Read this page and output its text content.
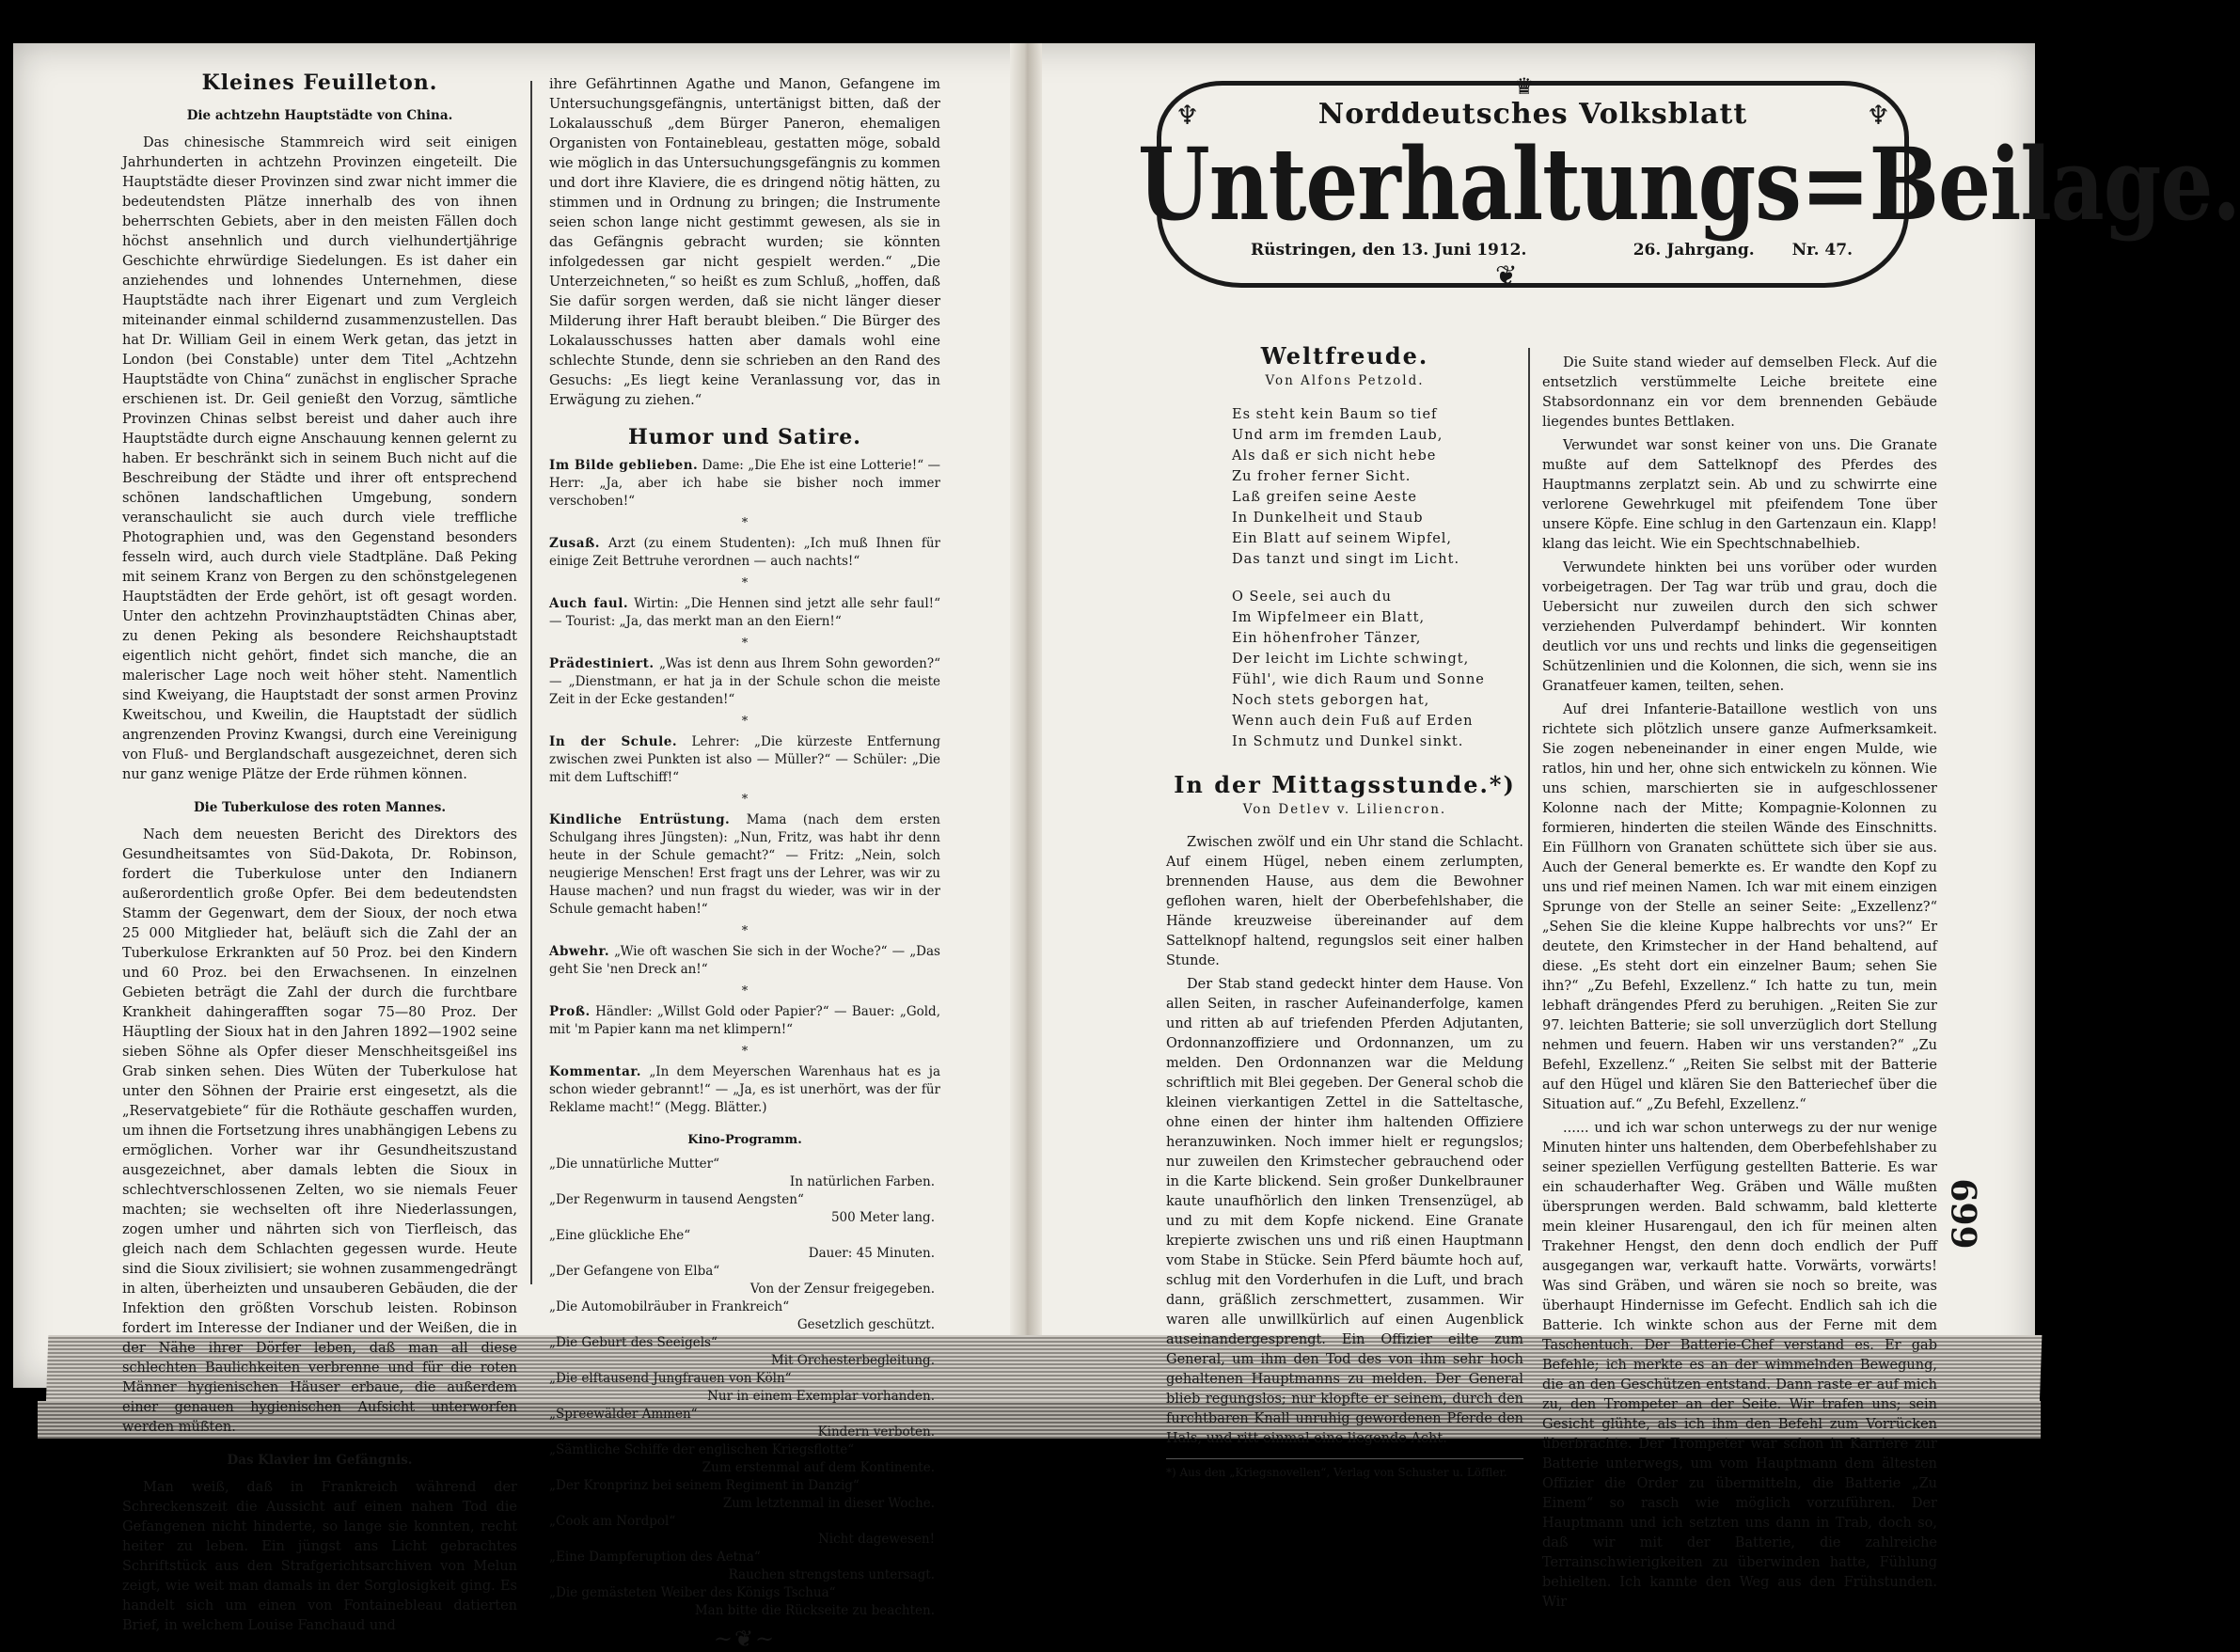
Kleines Feuilleton.
Die achtzehn Hauptstädte von China.

Das chinesische Stammreich wird seit einigen Jahrhunderten in achtzehn Provinzen eingeteilt. Die Hauptstädte dieser Provinzen sind zwar nicht immer die bedeutendsten Plätze innerhalb des von ihnen beherrschten Gebiets, aber in den meisten Fällen doch höchst ansehnlich und durch vielhundertjährige Geschichte ehrwürdige Siedelungen. Es ist daher ein anziehendes und lohnendes Unternehmen, diese Hauptstädte nach ihrer Eigenart und zum Vergleich miteinander einmal schildernd zusammenzustellen. Das hat Dr. William Geil in einem Werk getan, das jetzt in London (bei Constable) unter dem Titel „Achtzehn Hauptstädte von China“ zunächst in englischer Sprache erschienen ist. Dr. Geil genießt den Vorzug, sämtliche Provinzen Chinas selbst bereist und daher auch ihre Hauptstädte durch eigne Anschauung kennen gelernt zu haben. Er beschränkt sich in seinem Buch nicht auf die Beschreibung der Städte und ihrer oft entsprechend schönen landschaftlichen Umgebung, sondern veranschaulicht sie auch durch viele treffliche Photographien und, was den Gegenstand besonders fesseln wird, auch durch viele Stadtpläne. Daß Peking mit seinem Kranz von Bergen zu den schönstgelegenen Hauptstädten der Erde gehört, ist oft gesagt worden. Unter den achtzehn Provinzhauptstädten Chinas aber, zu denen Peking als besondere Reichshauptstadt eigentlich nicht gehört, findet sich manche, die an malerischer Lage noch weit höher steht. Namentlich sind Kweiyang, die Hauptstadt der sonst armen Provinz Kweitschou, und Kweilin, die Hauptstadt der südlich angrenzenden Provinz Kwangsi, durch eine Vereinigung von Fluß- und Berglandschaft ausgezeichnet, deren sich nur ganz wenige Plätze der Erde rühmen können.

Die Tuberkulose des roten Mannes.

Nach dem neuesten Bericht des Direktors des Gesundheitsamtes von Süd-Dakota, Dr. Robinson, fordert die Tuberkulose unter den Indianern außerordentlich große Opfer. Bei dem bedeutendsten Stamm der Gegenwart, dem der Sioux, der noch etwa 25 000 Mitglieder hat, beläuft sich die Zahl der an Tuberkulose Erkrankten auf 50 Proz. bei den Kindern und 60 Proz. bei den Erwachsenen. In einzelnen Gebieten beträgt die Zahl der durch die furchtbare Krankheit dahingerafften sogar 75—80 Proz. Der Häuptling der Sioux hat in den Jahren 1892—1902 seine sieben Söhne als Opfer dieser Menschheitsgeißel ins Grab sinken sehen. Dies Wüten der Tuberkulose hat unter den Söhnen der Prairie erst eingesetzt, als die „Reservatgebiete“ für die Rothäute geschaffen wurden, um ihnen die Fortsetzung ihres unabhängigen Lebens zu ermöglichen. Vorher war ihr Gesundheitszustand ausgezeichnet, aber damals lebten die Sioux in schlechtverschlossenen Zelten, wo sie niemals Feuer machten; sie wechselten oft ihre Niederlassungen, zogen umher und nährten sich von Tierfleisch, das gleich nach dem Schlachten gegessen wurde. Heute sind die Sioux zivilisiert; sie wohnen zusammengedrängt in alten, überheizten und unsauberen Gebäuden, die der Infektion den größten Vorschub leisten. Robinson fordert im Interesse der Indianer und der Weißen, die in der Nähe ihrer Dörfer leben, daß man all diese schlechten Baulichkeiten verbrenne und für die roten Männer hygienischen Häuser erbaue, die außerdem einer genauen hygienischen Aufsicht unterworfen werden müßten.

Das Klavier im Gefängnis.

Man weiß, daß in Frankreich während der Schreckenszeit die Aussicht auf einen nahen Tod die Gefangenen nicht hinderte, so lange sie konnten, recht heiter zu leben. Ein jüngst ans Licht gebrachtes Schriftstück aus den Strafgerichtsarchiven von Melun zeigt, wie weit man damals in der Sorglosigkeit ging. Es handelt sich um einen von Fontainebleau datierten Brief, in welchem Louise Fanchaud und

ihre Gefährtinnen Agathe und Manon, Gefangene im Untersuchungsgefängnis, untertänigst bitten, daß der Lokalausschuß „dem Bürger Paneron, ehemaligen Organisten von Fontainebleau, gestatten möge, sobald wie möglich in das Untersuchungsgefängnis zu kommen und dort ihre Klaviere, die es dringend nötig hätten, zu stimmen und in Ordnung zu bringen; die Instrumente seien schon lange nicht gestimmt gewesen, als sie in das Gefängnis gebracht wurden; sie könnten infolgedessen gar nicht gespielt werden.“ „Die Unterzeichneten,“ so heißt es zum Schluß, „hoffen, daß Sie dafür sorgen werden, daß sie nicht länger dieser Milderung ihrer Haft beraubt bleiben.“ Die Bürger des Lokalausschusses hatten aber damals wohl eine schlechte Stunde, denn sie schrieben an den Rand des Gesuchs: „Es liegt keine Veranlassung vor, das in Erwägung zu ziehen.“

Humor und Satire.
Im Bilde geblieben. Dame: „Die Ehe ist eine Lotterie!“ — Herr: „Ja, aber ich habe sie bisher noch immer verschoben!“
*
Zusaß. Arzt (zu einem Studenten): „Ich muß Ihnen für einige Zeit Bettruhe verordnen — auch nachts!“
*
Auch faul. Wirtin: „Die Hennen sind jetzt alle sehr faul!“ — Tourist: „Ja, das merkt man an den Eiern!“
*
Prädestiniert. „Was ist denn aus Ihrem Sohn geworden?“ — „Dienstmann, er hat ja in der Schule schon die meiste Zeit in der Ecke gestanden!“
*
In der Schule. Lehrer: „Die kürzeste Entfernung zwischen zwei Punkten ist also — Müller?“ — Schüler: „Die mit dem Luftschiff!“
*
Kindliche Entrüstung. Mama (nach dem ersten Schulgang ihres Jüngsten): „Nun, Fritz, was habt ihr denn heute in der Schule gemacht?“ — Fritz: „Nein, solch neugierige Menschen! Erst fragt uns der Lehrer, was wir zu Hause machen? und nun fragst du wieder, was wir in der Schule gemacht haben!“
*
Abwehr. „Wie oft waschen Sie sich in der Woche?“ — „Das geht Sie 'nen Dreck an!“
*
Proß. Händler: „Willst Gold oder Papier?“ — Bauer: „Gold, mit 'm Papier kann ma net klimpern!“
*
Kommentar. „In dem Meyerschen Warenhaus hat es ja schon wieder gebrannt!“ — „Ja, es ist unerhört, was der für Reklame macht!“ (Megg. Blätter.)
Kino-Programm.
„Die unnatürliche Mutter“
In natürlichen Farben.
„Der Regenwurm in tausend Aengsten“
500 Meter lang.
„Eine glückliche Ehe“
Dauer: 45 Minuten.
„Der Gefangene von Elba“
Von der Zensur freigegeben.
„Die Automobilräuber in Frankreich“
Gesetzlich geschützt.
„Die Geburt des Seeigels“
Mit Orchesterbegleitung.
„Die elftausend Jungfrauen von Köln“
Nur in einem Exemplar vorhanden.
„Spreewälder Ammen“
Kindern verboten.
„Sämtliche Schiffe der englischen Kriegsflotte“
Zum erstenmal auf dem Kontinente.
„Der Kronprinz bei seinem Regiment in Danzig“
Zum letztenmal in dieser Woche.
„Cook am Nordpol“
Nicht dagewesen!
„Eine Dampferuption des Aetna“
Rauchen strengstens untersagt.
„Die gemästeten Weiber des Königs Tschua“
Man bitte die Rückseite zu beachten.
~❦~
♆	♆
♛
❦
Norddeutsches Volksblatt
Unterhaltungs=Beilage.
Rüstringen, den 13. Juni 1912.	26. Jahrgang. Nr. 47.
Weltfreude.
Von Alfons Petzold.
Es steht kein Baum so tief
Und arm im fremden Laub,
Als daß er sich nicht hebe
Zu froher ferner Sicht.
Laß greifen seine Aeste
In Dunkelheit und Staub
Ein Blatt auf seinem Wipfel,
Das tanzt und singt im Licht.
O Seele, sei auch du
Im Wipfelmeer ein Blatt,
Ein höhenfroher Tänzer,
Der leicht im Lichte schwingt,
Fühl', wie dich Raum und Sonne
Noch stets geborgen hat,
Wenn auch dein Fuß auf Erden
In Schmutz und Dunkel sinkt.
In der Mittagsstunde.*)
Von Detlev v. Liliencron.

Zwischen zwölf und ein Uhr stand die Schlacht. Auf einem Hügel, neben einem zerlumpten, brennenden Hause, aus dem die Bewohner geflohen waren, hielt der Oberbefehlshaber, die Hände kreuzweise übereinander auf dem Sattelknopf haltend, regungslos seit einer halben Stunde.

Der Stab stand gedeckt hinter dem Hause. Von allen Seiten, in rascher Aufeinanderfolge, kamen und ritten ab auf triefenden Pferden Adjutanten, Ordonnanzoffiziere und Ordonnanzen, um zu melden. Den Ordonnanzen war die Meldung schriftlich mit Blei gegeben. Der General schob die kleinen vierkantigen Zettel in die Satteltasche, ohne einen der hinter ihm haltenden Offiziere heranzuwinken. Noch immer hielt er regungslos; nur zuweilen den Krimstecher gebrauchend oder in die Karte blickend. Sein großer Dunkelbrauner kaute unaufhörlich den linken Trensenzügel, ab und zu mit dem Kopfe nickend. Eine Granate krepierte zwischen uns und riß einen Hauptmann vom Stabe in Stücke. Sein Pferd bäumte hoch auf, schlug mit den Vorderhufen in die Luft, und brach dann, gräßlich zerschmettert, zusammen. Wir waren alle unwillkürlich auf einen Augenblick auseinandergesprengt. Ein Offizier eilte zum General, um ihm den Tod des von ihm sehr hoch gehaltenen Hauptmanns zu melden. Der General blieb regungslos; nur klopfte er seinem, durch den furchtbaren Knall unruhig gewordenen Pferde den Hals, und ritt einmal eine liegende Acht.

*) Aus den „Kriegsnovellen“, Verlag von Schuster u. Löffler.

Die Suite stand wieder auf demselben Fleck. Auf die entsetzlich verstümmelte Leiche breitete eine Stabsordonnanz ein vor dem brennenden Gebäude liegendes buntes Bettlaken.

Verwundet war sonst keiner von uns. Die Granate mußte auf dem Sattelknopf des Pferdes des Hauptmanns zerplatzt sein. Ab und zu schwirrte eine verlorene Gewehrkugel mit pfeifendem Tone über unsere Köpfe. Eine schlug in den Gartenzaun ein. Klapp! klang das leicht. Wie ein Spechtschnabelhieb.

Verwundete hinkten bei uns vorüber oder wurden vorbeigetragen. Der Tag war trüb und grau, doch die Uebersicht nur zuweilen durch den sich schwer verziehenden Pulverdampf behindert. Wir konnten deutlich vor uns und rechts und links die gegenseitigen Schützenlinien und die Kolonnen, die sich, wenn sie ins Granatfeuer kamen, teilten, sehen.

Auf drei Infanterie-Bataillone westlich von uns richtete sich plötzlich unsere ganze Aufmerksamkeit. Sie zogen nebeneinander in einer engen Mulde, wie ratlos, hin und her, ohne sich entwickeln zu können. Wie uns schien, marschierten sie in aufgeschlossener Kolonne nach der Mitte; Kompagnie-Kolonnen zu formieren, hinderten die steilen Wände des Einschnitts. Ein Füllhorn von Granaten schüttete sich über sie aus. Auch der General bemerkte es. Er wandte den Kopf zu uns und rief meinen Namen. Ich war mit einem einzigen Sprunge von der Stelle an seiner Seite: „Exzellenz?“ „Sehen Sie die kleine Kuppe halbrechts vor uns?“ Er deutete, den Krimstecher in der Hand behaltend, auf diese. „Es steht dort ein einzelner Baum; sehen Sie ihn?“ „Zu Befehl, Exzellenz.“ Ich hatte zu tun, mein lebhaft drängendes Pferd zu beruhigen. „Reiten Sie zur 97. leichten Batterie; sie soll unverzüglich dort Stellung nehmen und feuern. Haben wir uns verstanden?“ „Zu Befehl, Exzellenz.“ „Reiten Sie selbst mit der Batterie auf den Hügel und klären Sie den Batteriechef über die Situation auf.“ „Zu Befehl, Exzellenz.“

...... und ich war schon unterwegs zu der nur wenige Minuten hinter uns haltenden, dem Oberbefehlshaber zu seiner speziellen Verfügung gestellten Batterie. Es war ein schauderhafter Weg. Gräben und Wälle mußten übersprungen werden. Bald schwamm, bald kletterte mein kleiner Husarengaul, den ich für meinen alten Trakehner Hengst, den denn doch endlich der Puff ausgegangen war, verkauft hatte. Vorwärts, vorwärts! Was sind Gräben, und wären sie noch so breite, was überhaupt Hindernisse im Gefecht. Endlich sah ich die Batterie. Ich winkte schon aus der Ferne mit dem Taschentuch. Der Batterie-Chef verstand es. Er gab Befehle; ich merkte es an der wimmelnden Bewegung, die an den Geschützen entstand. Dann raste er auf mich zu, den Trompeter an der Seite. Wir trafen uns; sein Gesicht glühte, als ich ihm den Befehl zum Vorrücken überbrachte. Der Trompeter war schon in Karriere zur Batterie unterwegs, um vom Hauptmann dem ältesten Offizier die Order zu übermitteln, die Batterie „Zu Einem“ so rasch wie möglich vorzuführen. Der Hauptmann und ich setzten uns dann in Trab, doch so, daß wir mit der Batterie, die zahlreiche Terrainschwierigkeiten zu überwinden hatte, Fühlung behielten. Ich kannte den Weg aus den Frühstunden. Wir

699
